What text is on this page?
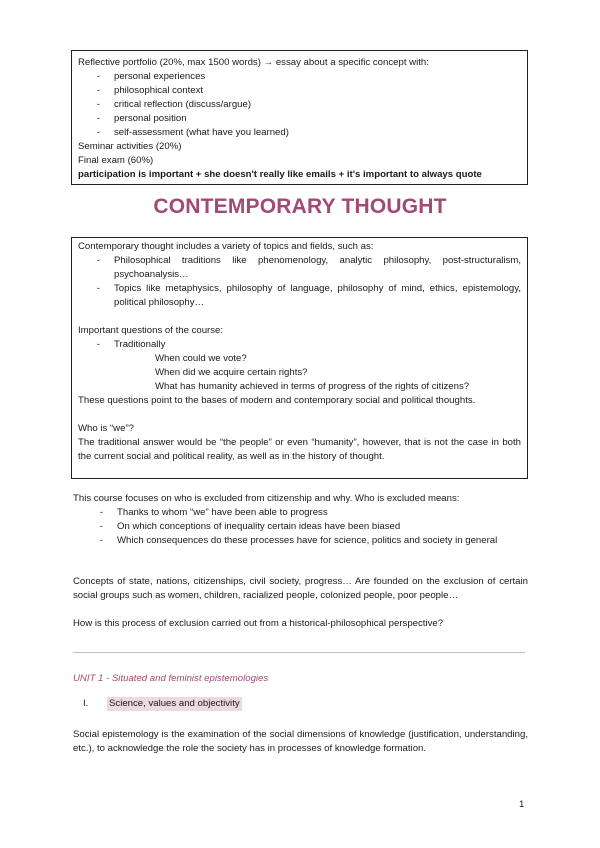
Reflective portfolio (20%, max 1500 words) → essay about a specific concept with:
-	personal experiences
-	philosophical context
-	critical reflection (discuss/argue)
-	personal position
-	self-assessment (what have you learned)
Seminar activities (20%)
Final exam (60%)
participation is important + she doesn't really like emails + it's important to always quote
CONTEMPORARY THOUGHT
Contemporary thought includes a variety of topics and fields, such as:
-	Philosophical traditions like phenomenology, analytic philosophy, post-structuralism, psychoanalysis…
-	Topics like metaphysics, philosophy of language, philosophy of mind, ethics, epistemology, political philosophy…
Important questions of the course:
-	Traditionally
When could we vote?
When did we acquire certain rights?
What has humanity achieved in terms of progress of the rights of citizens?
These questions point to the bases of modern and contemporary social and political thoughts.
Who is “we”?
The traditional answer would be “the people” or even “humanity”, however, that is not the case in both the current social and political reality, as well as in the history of thought.
This course focuses on who is excluded from citizenship and why. Who is excluded means:
-	Thanks to whom “we” have been able to progress
-	On which conceptions of inequality certain ideas have been biased
-	Which consequences do these processes have for science, politics and society in general
Concepts of state, nations, citizenships, civil society, progress… Are founded on the exclusion of certain social groups such as women, children, racialized people, colonized people, poor people…
How is this process of exclusion carried out from a historical-philosophical perspective?
UNIT 1 - Situated and feminist epistemologies
I.	Science, values and objectivity
Social epistemology is the examination of the social dimensions of knowledge (justification, understanding, etc.), to acknowledge the role the society has in processes of knowledge formation.
1
